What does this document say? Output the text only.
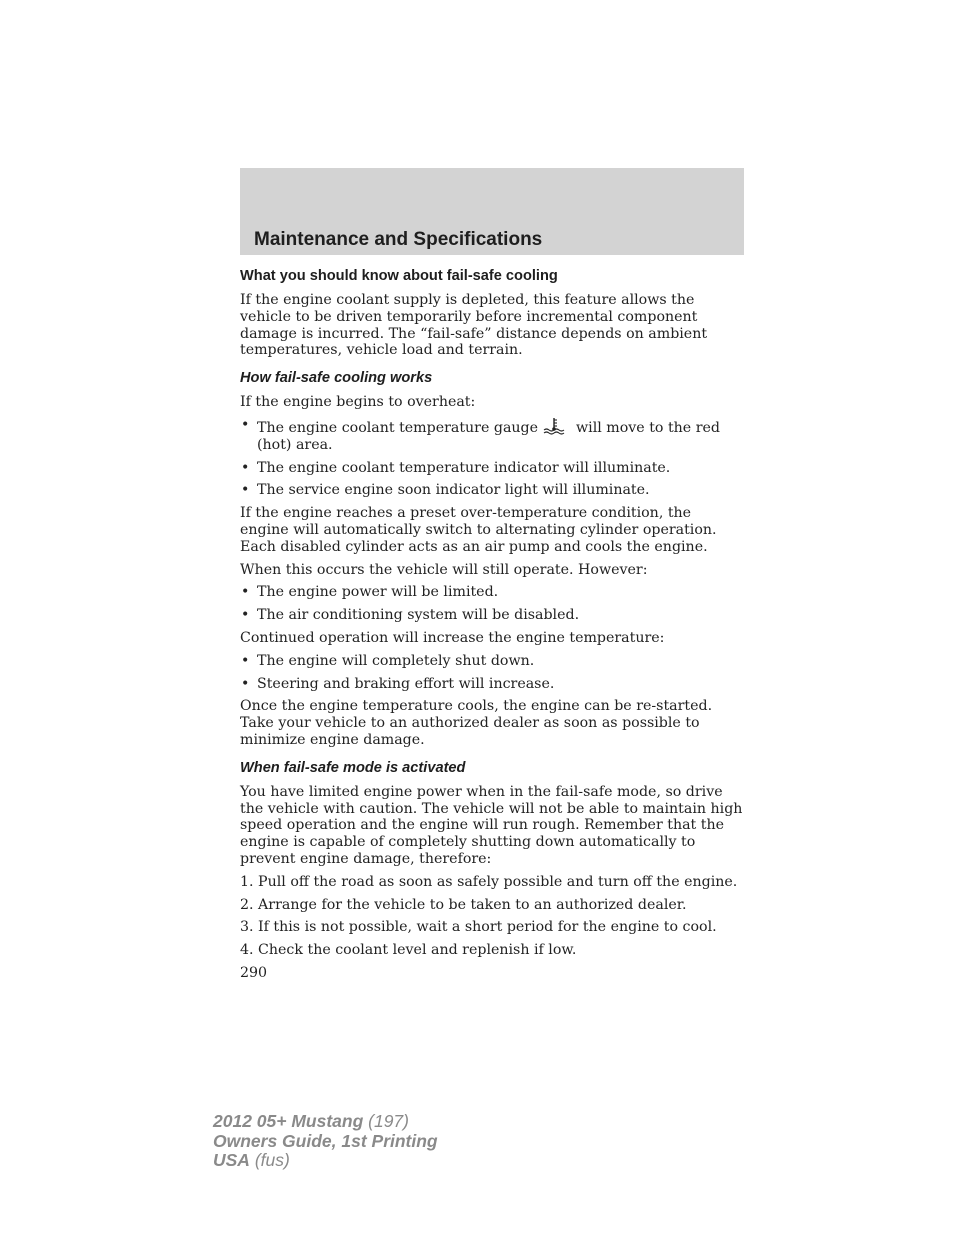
Maintenance and Specifications
What you should know about fail-safe cooling

If the engine coolant supply is depleted, this feature allows the vehicle to be driven temporarily before incremental component damage is incurred. The “fail-safe” distance depends on ambient temperatures, vehicle load and terrain.

How fail-safe cooling works

If the engine begins to overheat:

• The engine coolant temperature gauge	will move to the red (hot) area.
• The engine coolant temperature indicator will illuminate.
• The service engine soon indicator light will illuminate.

If the engine reaches a preset over-temperature condition, the engine will automatically switch to alternating cylinder operation. Each disabled cylinder acts as an air pump and cools the engine.

When this occurs the vehicle will still operate. However:

• The engine power will be limited.
• The air conditioning system will be disabled.

Continued operation will increase the engine temperature:

• The engine will completely shut down.
• Steering and braking effort will increase.

Once the engine temperature cools, the engine can be re-started. Take your vehicle to an authorized dealer as soon as possible to minimize engine damage.

When fail-safe mode is activated

You have limited engine power when in the fail-safe mode, so drive the vehicle with caution. The vehicle will not be able to maintain high speed operation and the engine will run rough. Remember that the engine is capable of completely shutting down automatically to prevent engine damage, therefore:

1. Pull off the road as soon as safely possible and turn off the engine.
2. Arrange for the vehicle to be taken to an authorized dealer.
3. If this is not possible, wait a short period for the engine to cool.
4. Check the coolant level and replenish if low.
290
2012 05+ Mustang (197)
Owners Guide, 1st Printing
USA (fus)
